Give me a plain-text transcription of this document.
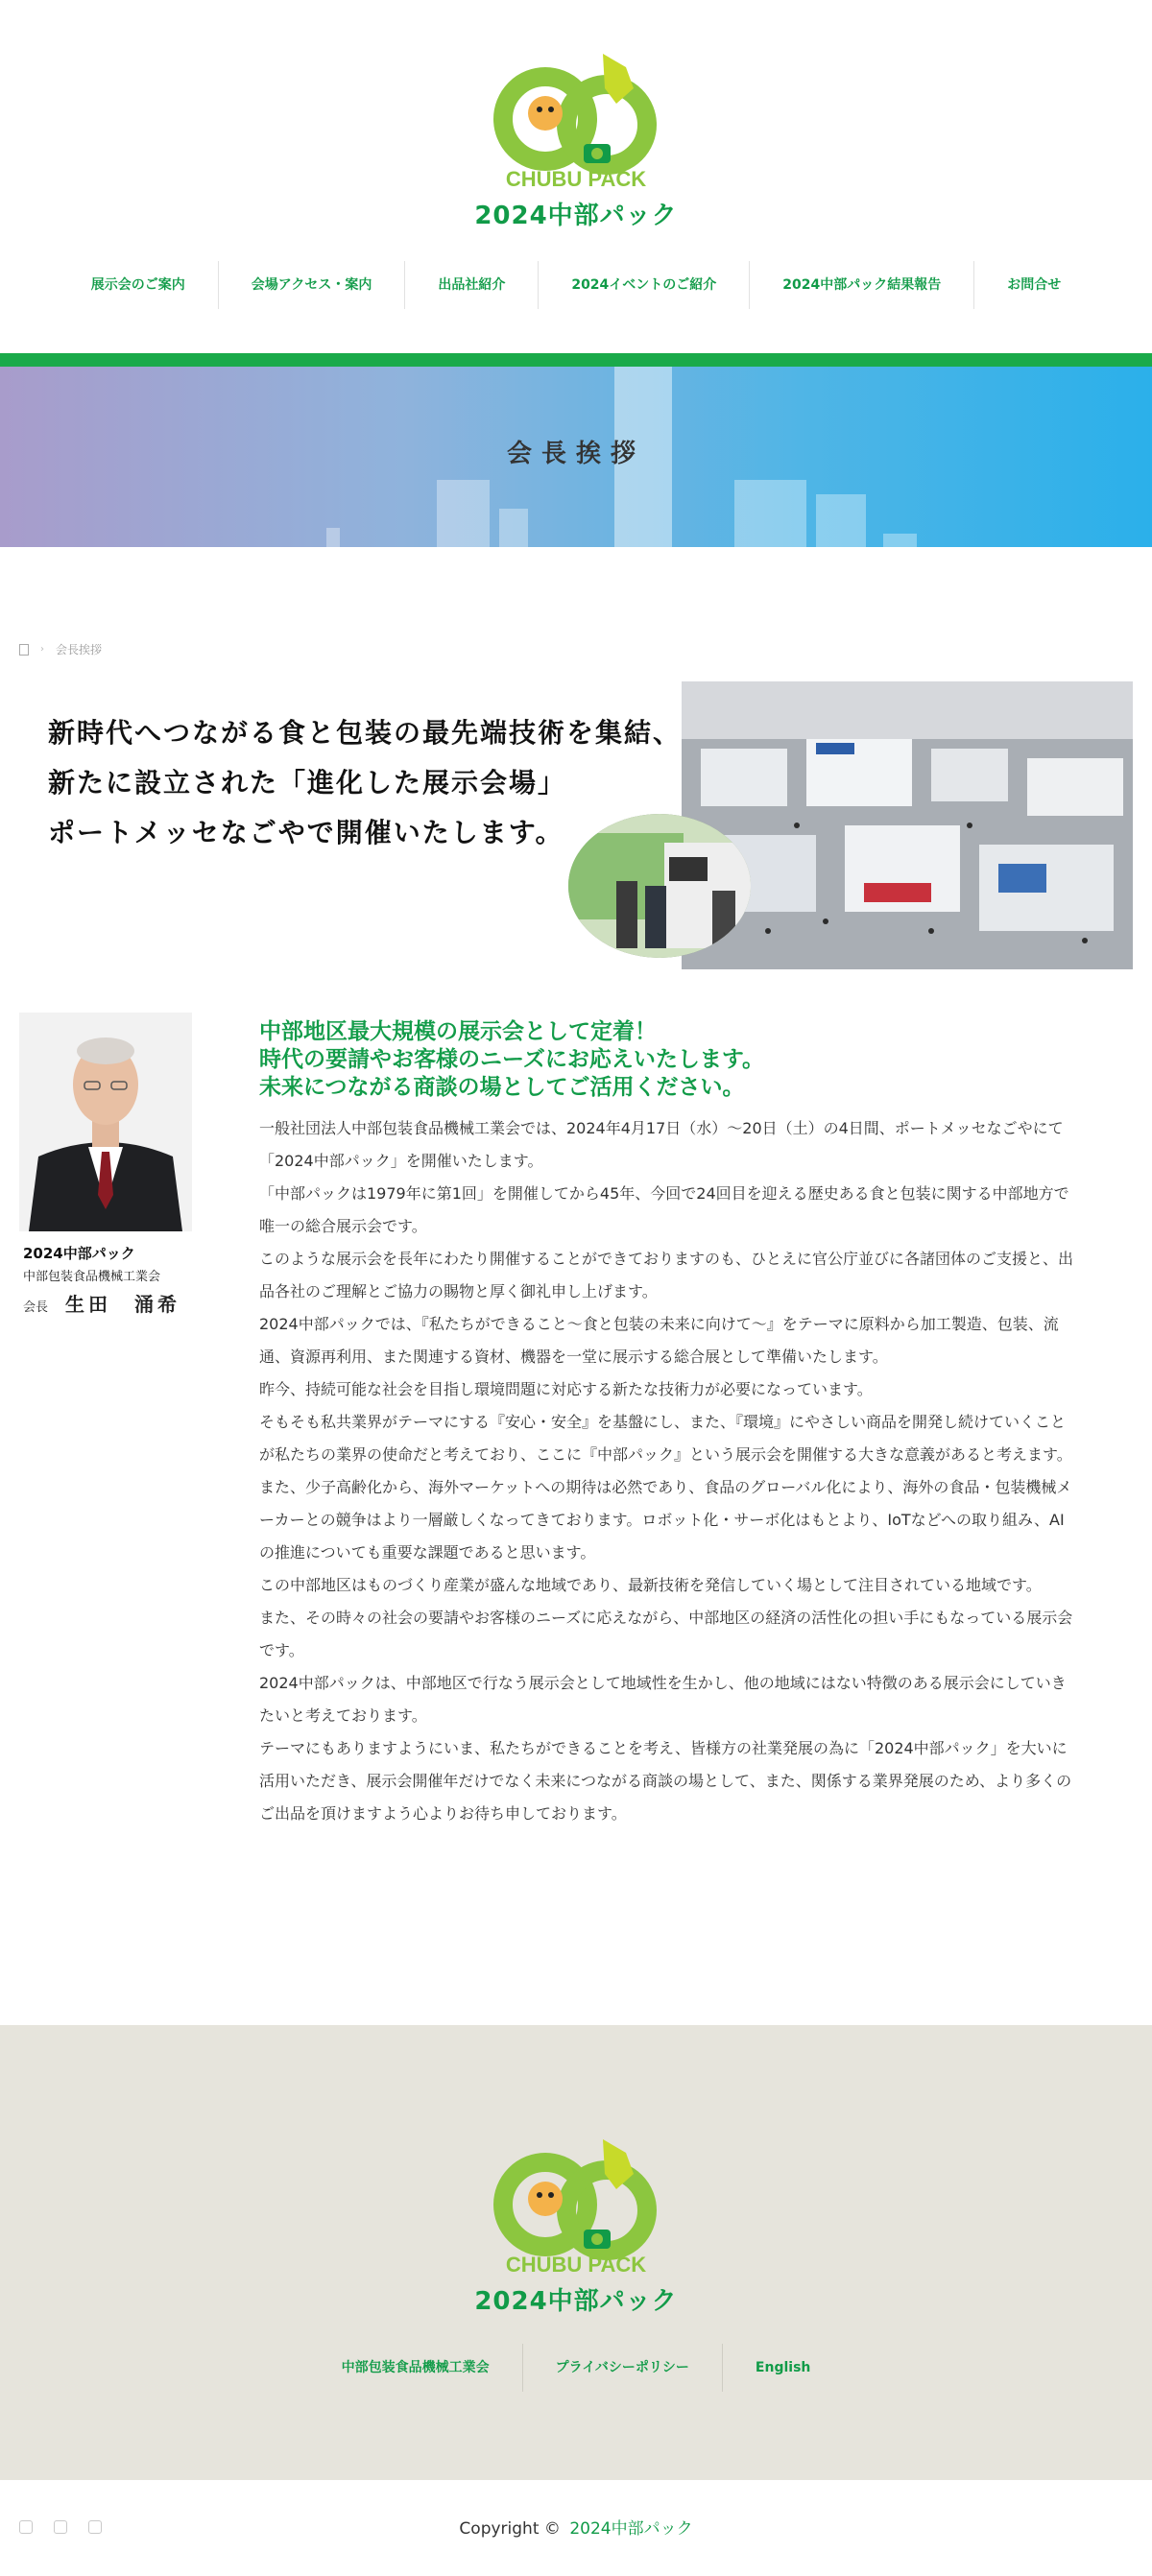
CHUBU PACK
2024中部パック
展示会のご案内	会場アクセス・案内	出品社紹介	2024イベントのご紹介	2024中部パック結果報告	お問合せ
会長挨拶
› 会長挨拶
新時代へつながる食と包装の最先端技術を集結、
新たに設立された「進化した展示会場」
ポートメッセなごやで開催いたします。
2024中部パック
中部包装食品機械工業会
会長 生田　涌希
中部地区最大規模の展示会として定着！
時代の要請やお客様のニーズにお応えいたします。
未来につながる商談の場としてご活用ください。

一般社団法人中部包装食品機械工業会では、2024年4月17日（水）〜20日（土）の4日間、ポートメッセなごやにて「2024中部パック」を開催いたします。

「中部パックは1979年に第1回」を開催してから45年、今回で24回目を迎える歴史ある食と包装に関する中部地方で唯一の総合展示会です。

このような展示会を長年にわたり開催することができておりますのも、ひとえに官公庁並びに各諸団体のご支援と、出品各社のご理解とご協力の賜物と厚く御礼申し上げます。

2024中部パックでは、『私たちができること〜食と包装の未来に向けて〜』をテーマに原料から加工製造、包装、流通、資源再利用、また関連する資材、機器を一堂に展示する総合展として準備いたします。

昨今、持続可能な社会を目指し環境問題に対応する新たな技術力が必要になっています。

そもそも私共業界がテーマにする『安心・安全』を基盤にし、また、『環境』にやさしい商品を開発し続けていくことが私たちの業界の使命だと考えており、ここに『中部パック』という展示会を開催する大きな意義があると考えます。

また、少子高齢化から、海外マーケットへの期待は必然であり、食品のグローバル化により、海外の食品・包装機械メーカーとの競争はより一層厳しくなってきております。ロボット化・サーボ化はもとより、IoTなどへの取り組み、AIの推進についても重要な課題であると思います。

この中部地区はものづくり産業が盛んな地域であり、最新技術を発信していく場として注目されている地域です。

また、その時々の社会の要請やお客様のニーズに応えながら、中部地区の経済の活性化の担い手にもなっている展示会です。

2024中部パックは、中部地区で行なう展示会として地域性を生かし、他の地域にはない特徴のある展示会にしていきたいと考えております。

テーマにもありますようにいま、私たちができることを考え、皆様方の社業発展の為に「2024中部パック」を大いに活用いただき、展示会開催年だけでなく未来につながる商談の場として、また、関係する業界発展のため、より多くのご出品を頂けますよう心よりお待ち申しております。

CHUBU PACK
2024中部パック
中部包装食品機械工業会	プライバシーポリシー	English
Copyright © 2024中部パック
